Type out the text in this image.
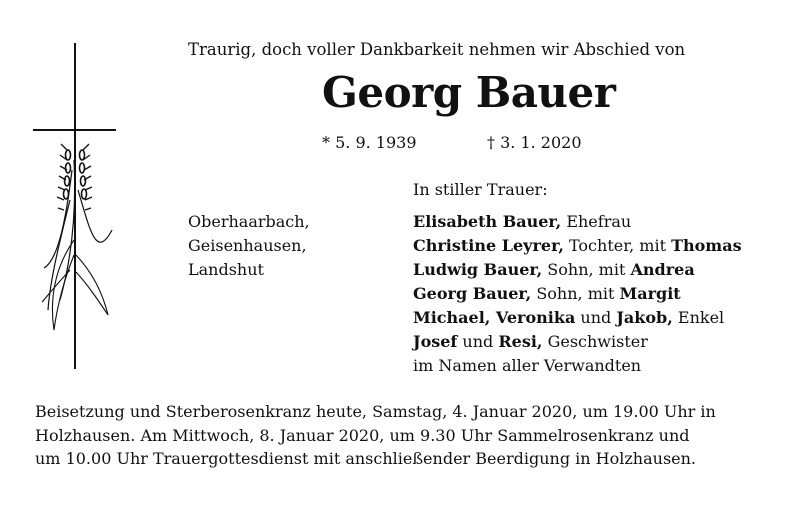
Traurig, doch voller Dankbarkeit nehmen wir Abschied von
Georg Bauer
* 5. 9. 1939	† 3. 1. 2020
In stiller Trauer:
Oberhaarbach,
Geisenhausen,
Landshut
Elisabeth Bauer, Ehefrau
Christine Leyrer, Tochter, mit Thomas
Ludwig Bauer, Sohn, mit Andrea
Georg Bauer, Sohn, mit Margit
Michael, Veronika und Jakob, Enkel
Josef und Resi, Geschwister
im Namen aller Verwandten
Beisetzung und Sterberosenkranz heute, Samstag, 4. Januar 2020, um 19.00 Uhr in
Holzhausen. Am Mittwoch, 8. Januar 2020, um 9.30 Uhr Sammelrosenkranz und
um 10.00 Uhr Trauergottesdienst mit anschließender Beerdigung in Holzhausen.
